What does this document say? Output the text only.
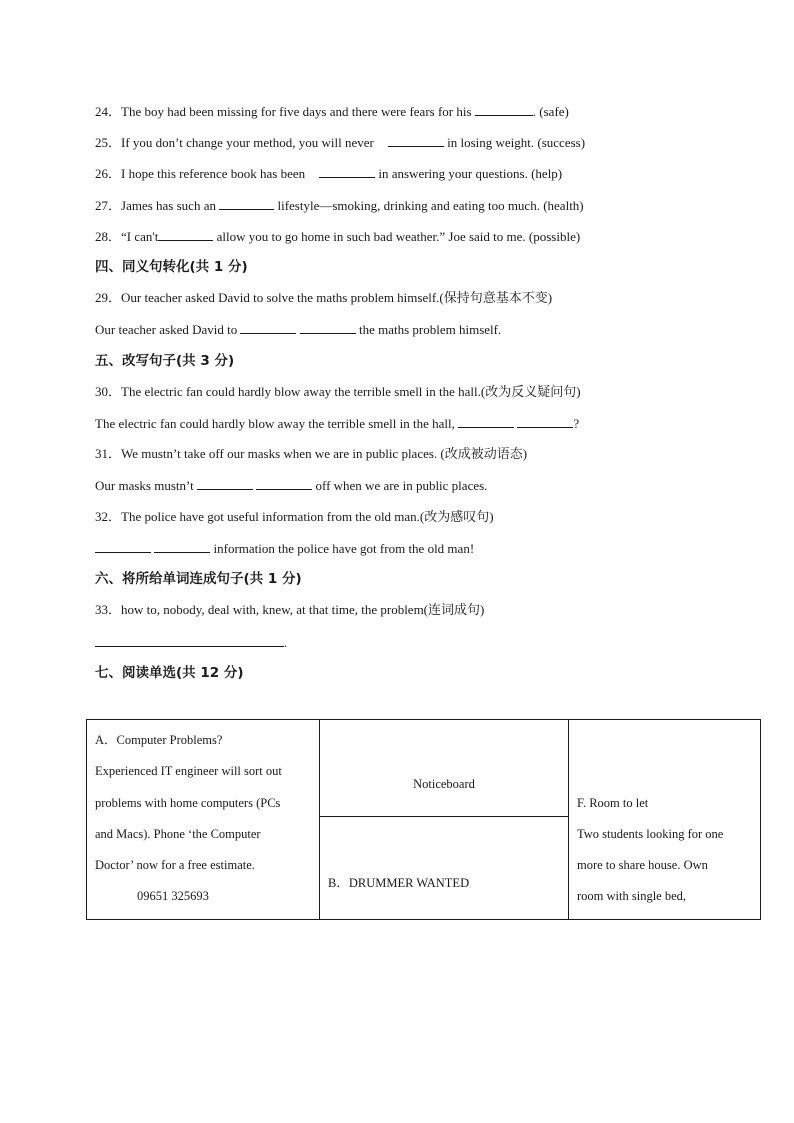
24．The boy had been missing for five days and there were fears for his	. (safe)
25．If you don’t change your method, you will never	in losing weight. (success)
26．I hope this reference book has been	in answering your questions. (help)
27．James has such an	lifestyle—smoking, drinking and eating too much. (health)
28．“I can't	allow you to go home in such bad weather.” Joe said to me. (possible)
四、同义句转化(共 1 分)
29．Our teacher asked David to solve the maths problem himself.(保持句意基本不变)
Our teacher asked David to	the maths problem himself.
五、改写句子(共 3 分)
30．The electric fan could hardly blow away the terrible smell in the hall.(改为反义疑问句)
The electric fan could hardly blow away the terrible smell in the hall,	?
31．We mustn’t take off our masks when we are in public places. (改成被动语态)
Our masks mustn’t	off when we are in public places.
32．The police have got useful information from the old man.(改为感叹句)
information the police have got from the old man!
六、将所给单词连成句子(共 1 分)
33．how to, nobody, deal with, knew, at that time, the problem(连词成句)
.
七、阅读单选(共 12 分)
A．Computer Problems?
Experienced IT engineer will sort out
problems with home computers (PCs
and Macs). Phone ‘the Computer
Doctor’ now for a free estimate.
09651 325693

Noticeboard

F. Room to let
Two students looking for one
more to share house. Own
room with single bed,

B．DRUMMER WANTED
